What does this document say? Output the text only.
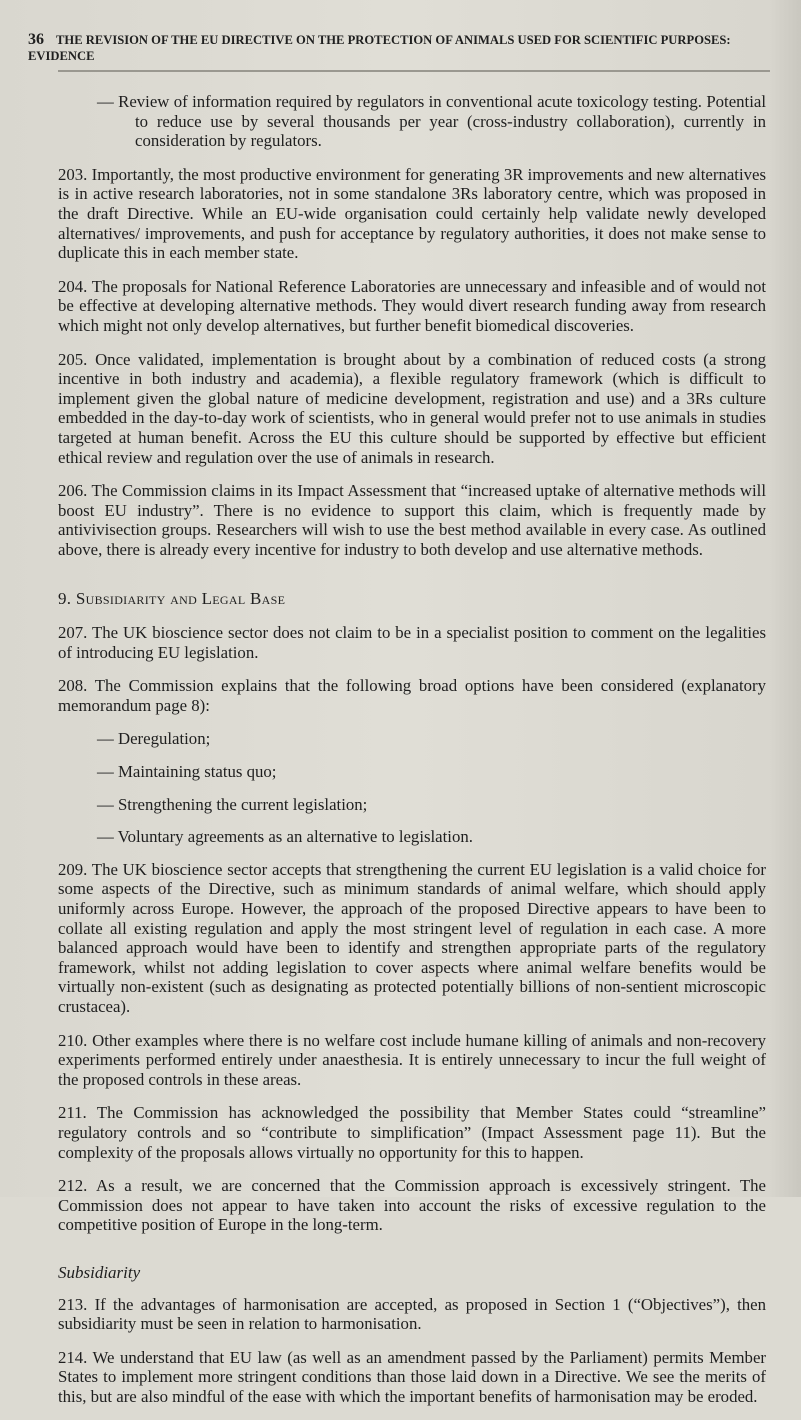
36 THE REVISION OF THE EU DIRECTIVE ON THE PROTECTION OF ANIMALS USED FOR SCIENTIFIC PURPOSES: EVIDENCE

— Review of information required by regulators in conventional acute toxicology testing. Potential to reduce use by several thousands per year (cross-industry collaboration), currently in consideration by regulators.

203. Importantly, the most productive environment for generating 3R improvements and new alternatives is in active research laboratories, not in some standalone 3Rs laboratory centre, which was proposed in the draft Directive. While an EU-wide organisation could certainly help validate newly developed alternatives/ improvements, and push for acceptance by regulatory authorities, it does not make sense to duplicate this in each member state.

204. The proposals for National Reference Laboratories are unnecessary and infeasible and of would not be effective at developing alternative methods. They would divert research funding away from research which might not only develop alternatives, but further benefit biomedical discoveries.

205. Once validated, implementation is brought about by a combination of reduced costs (a strong incentive in both industry and academia), a flexible regulatory framework (which is difficult to implement given the global nature of medicine development, registration and use) and a 3Rs culture embedded in the day-to-day work of scientists, who in general would prefer not to use animals in studies targeted at human benefit. Across the EU this culture should be supported by effective but efficient ethical review and regulation over the use of animals in research.

206. The Commission claims in its Impact Assessment that “increased uptake of alternative methods will boost EU industry”. There is no evidence to support this claim, which is frequently made by antivivisection groups. Researchers will wish to use the best method available in every case. As outlined above, there is already every incentive for industry to both develop and use alternative methods.

9. Subsidiarity and Legal Base

207. The UK bioscience sector does not claim to be in a specialist position to comment on the legalities of introducing EU legislation.

208. The Commission explains that the following broad options have been considered (explanatory memorandum page 8):

— Deregulation;
— Maintaining status quo;
— Strengthening the current legislation;
— Voluntary agreements as an alternative to legislation.

209. The UK bioscience sector accepts that strengthening the current EU legislation is a valid choice for some aspects of the Directive, such as minimum standards of animal welfare, which should apply uniformly across Europe. However, the approach of the proposed Directive appears to have been to collate all existing regulation and apply the most stringent level of regulation in each case. A more balanced approach would have been to identify and strengthen appropriate parts of the regulatory framework, whilst not adding legislation to cover aspects where animal welfare benefits would be virtually non-existent (such as designating as protected potentially billions of non-sentient microscopic crustacea).

210. Other examples where there is no welfare cost include humane killing of animals and non-recovery experiments performed entirely under anaesthesia. It is entirely unnecessary to incur the full weight of the proposed controls in these areas.

211. The Commission has acknowledged the possibility that Member States could “streamline” regulatory controls and so “contribute to simplification” (Impact Assessment page 11). But the complexity of the proposals allows virtually no opportunity for this to happen.

212. As a result, we are concerned that the Commission approach is excessively stringent. The Commission does not appear to have taken into account the risks of excessive regulation to the competitive position of Europe in the long-term.

Subsidiarity

213. If the advantages of harmonisation are accepted, as proposed in Section 1 (“Objectives”), then subsidiarity must be seen in relation to harmonisation.

214. We understand that EU law (as well as an amendment passed by the Parliament) permits Member States to implement more stringent conditions than those laid down in a Directive. We see the merits of this, but are also mindful of the ease with which the important benefits of harmonisation may be eroded.
